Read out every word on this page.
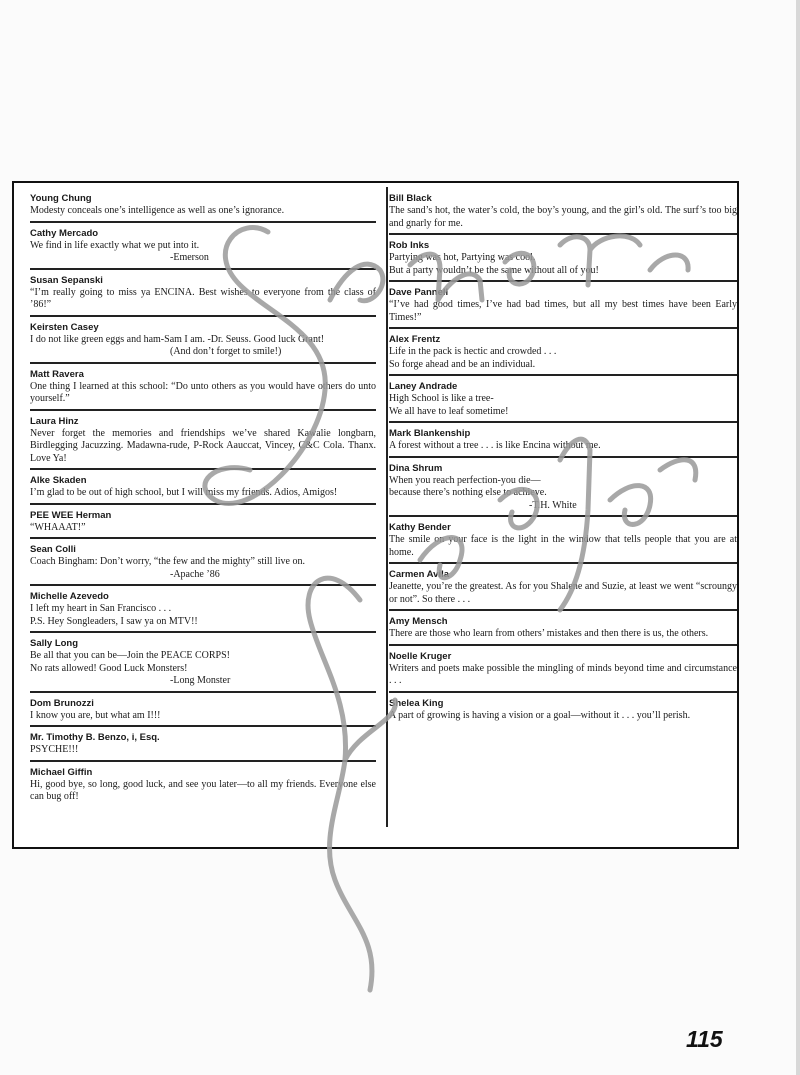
Young Chung
Modesty conceals one’s intelligence as well as one’s ignorance.
Cathy Mercado
We find in life exactly what we put into it.
-Emerson
Susan Sepanski
“I’m really going to miss ya ENCINA. Best wishes to everyone from the class of ’86!”
Keirsten Casey
I do not like green eggs and ham-Sam I am. -Dr. Seuss. Good luck Grant!
(And don’t forget to smile!)
Matt Ravera
One thing I learned at this school: “Do unto others as you would have others do unto yourself.”
Laura Hinz
Never forget the memories and friendships we’ve shared Kawalie longbarn, Birdlegging Jacuzzing. Madawna-rude, P-Rock Aauccat, Vincey, C&C Cola. Thanx. Love Ya!
Alke Skaden
I’m glad to be out of high school, but I will miss my friends. Adios, Amigos!
PEE WEE Herman
“WHAAAT!”
Sean Colli
Coach Bingham: Don’t worry, “the few and the mighty” still live on.
-Apache ’86
Michelle Azevedo
I left my heart in San Francisco . . .
P.S. Hey Songleaders, I saw ya on MTV!!
Sally Long
Be all that you can be—Join the PEACE CORPS!
No rats allowed! Good Luck Monsters!
-Long Monster
Dom Brunozzi
I know you are, but what am I!!!
Mr. Timothy B. Benzo, i, Esq.
PSYCHE!!!
Michael Giffin
Hi, good bye, so long, good luck, and see you later—to all my friends. Everyone else can bug off!
Bill Black
The sand’s hot, the water’s cold, the boy’s young, and the girl’s old. The surf’s too big and gnarly for me.
Rob Inks
Partying was hot, Partying was cool.
But a party wouldn’t be the same without all of you!
Dave Pannell
“I’ve had good times, I’ve had bad times, but all my best times have been Early Times!”
Alex Frentz
Life in the pack is hectic and crowded . . .
So forge ahead and be an individual.
Laney Andrade
High School is like a tree-
We all have to leaf sometime!
Mark Blankenship
A forest without a tree . . . is like Encina without me.
Dina Shrum
When you reach perfection-you die—
because there’s nothing else to achieve.
-T.H. White
Kathy Bender
The smile on your face is the light in the window that tells people that you are at home.
Carmen Avila
Jeanette, you’re the greatest. As for you Shalene and Suzie, at least we went “scroungy or not”. So there . . .
Amy Mensch
There are those who learn from others’ mistakes and then there is us, the others.
Noelle Kruger
Writers and poets make possible the mingling of minds beyond time and circumstance . . .
Shelea King
A part of growing is having a vision or a goal—without it . . . you’ll perish.
115
